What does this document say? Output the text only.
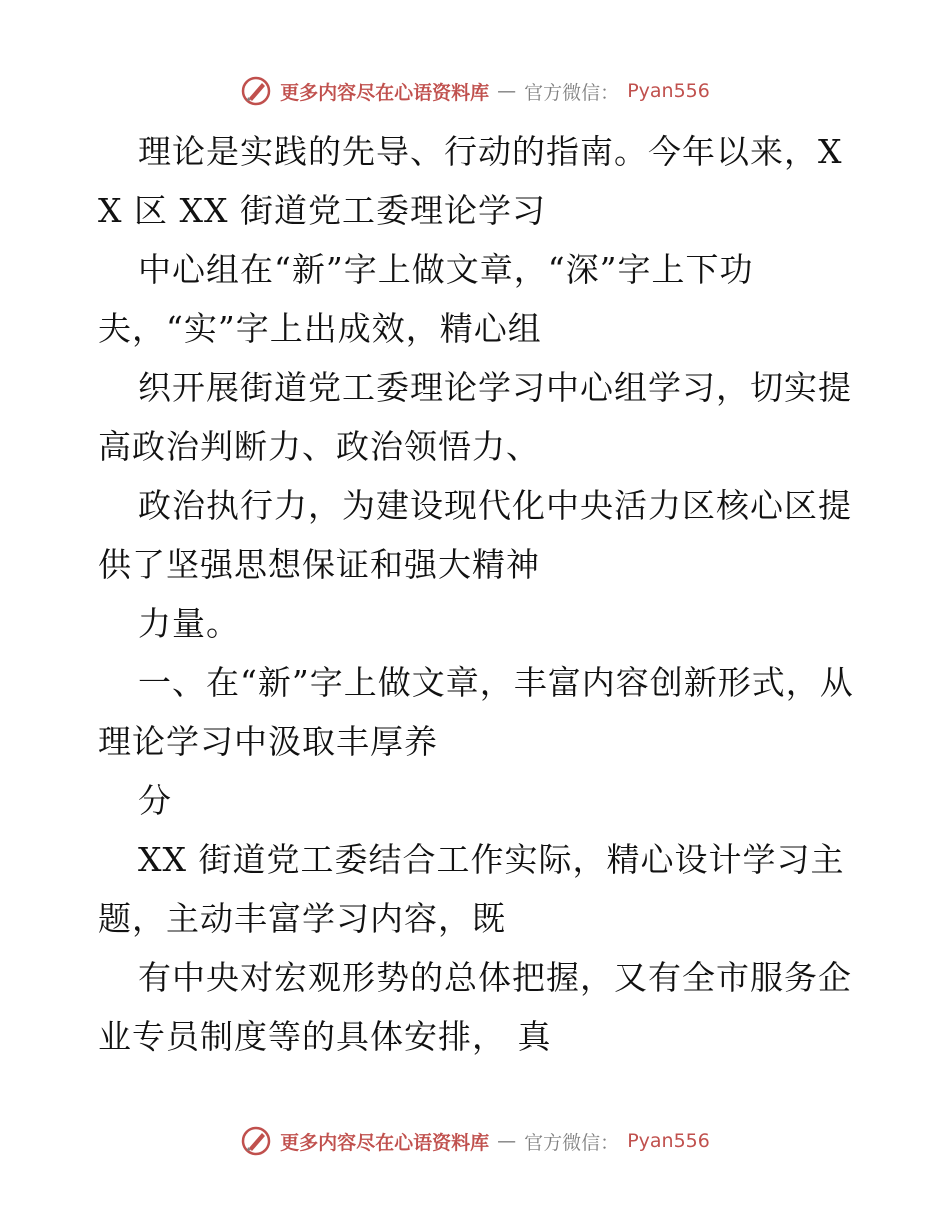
更多内容尽在心语资料库 — 官方微信： Pyan556

理论是实践的先导、行动的指南。今年以来，XX 区 XX 街道党工委理论学习

中心组在“新”字上做文章，“深”字上下功夫，“实”字上出成效，精心组

织开展街道党工委理论学习中心组学习，切实提高政治判断力、政治领悟力、

政治执行力，为建设现代化中央活力区核心区提供了坚强思想保证和强大精神

力量。

一、在“新”字上做文章，丰富内容创新形式，从理论学习中汲取丰厚养

分

XX 街道党工委结合工作实际，精心设计学习主题，主动丰富学习内容，既

有中央对宏观形势的总体把握，又有全市服务企业专员制度等的具体安排， 真

更多内容尽在心语资料库 — 官方微信： Pyan556
